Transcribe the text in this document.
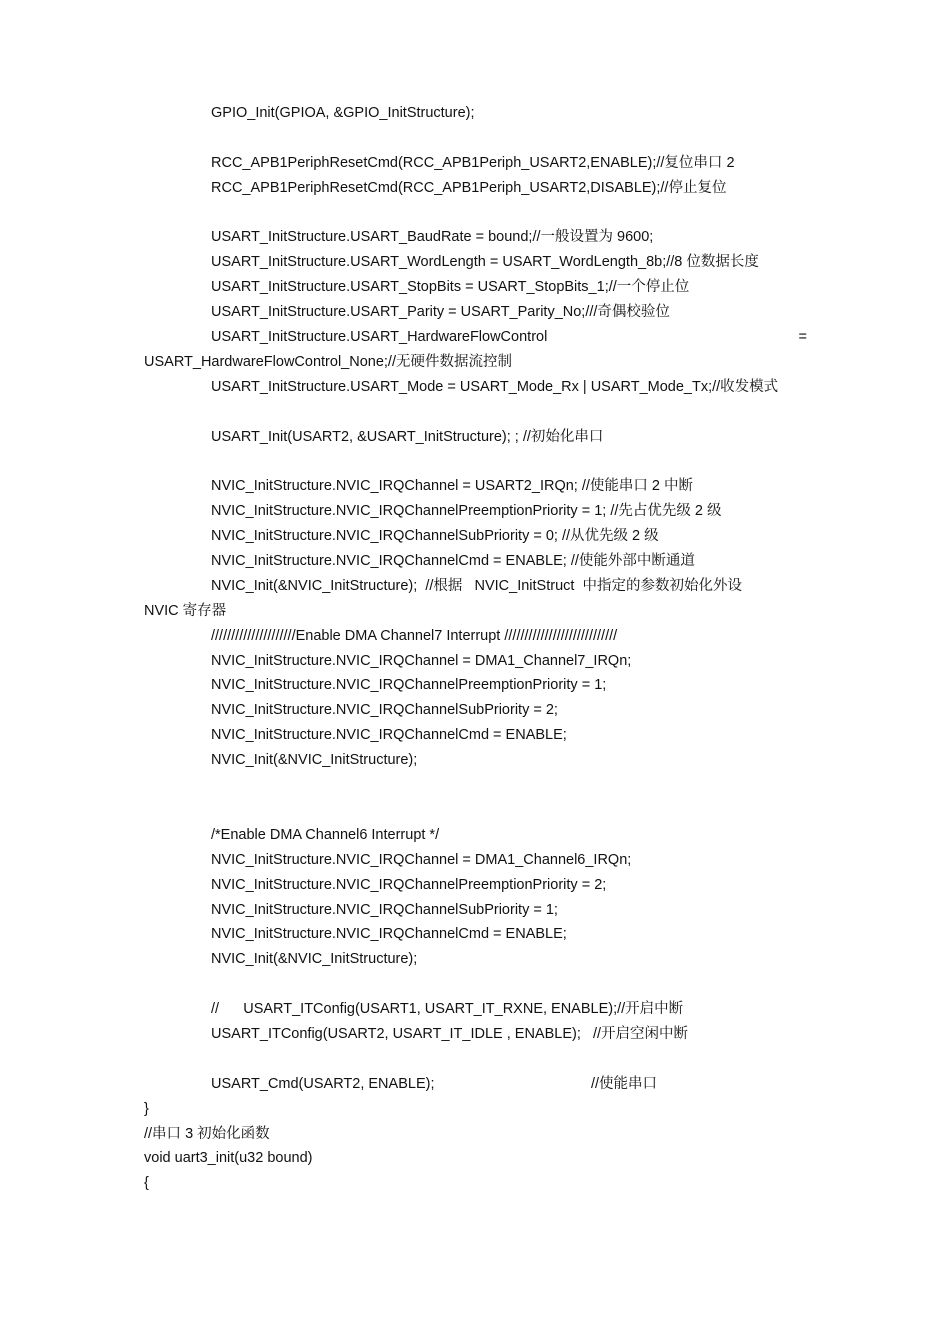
GPIO_Init(GPIOA, &GPIO_InitStructure);
RCC_APB1PeriphResetCmd(RCC_APB1Periph_USART2,ENABLE);//复位串口 2
RCC_APB1PeriphResetCmd(RCC_APB1Periph_USART2,DISABLE);//停止复位
USART_InitStructure.USART_BaudRate = bound;//一般设置为 9600;
USART_InitStructure.USART_WordLength = USART_WordLength_8b;//8 位数据长度
USART_InitStructure.USART_StopBits = USART_StopBits_1;//一个停止位
USART_InitStructure.USART_Parity = USART_Parity_No;///奇偶校验位
USART_InitStructure.USART_HardwareFlowControl	=
USART_HardwareFlowControl_None;//无硬件数据流控制
USART_InitStructure.USART_Mode = USART_Mode_Rx | USART_Mode_Tx;//收发模式
USART_Init(USART2, &USART_InitStructure); ; //初始化串口
NVIC_InitStructure.NVIC_IRQChannel = USART2_IRQn; //使能串口 2 中断
NVIC_InitStructure.NVIC_IRQChannelPreemptionPriority = 1; //先占优先级 2 级
NVIC_InitStructure.NVIC_IRQChannelSubPriority = 0; //从优先级 2 级
NVIC_InitStructure.NVIC_IRQChannelCmd = ENABLE; //使能外部中断通道
NVIC_Init(&NVIC_InitStructure);  //根据   NVIC_InitStruct  中指定的参数初始化外设
NVIC 寄存器
/////////////////////Enable DMA Channel7 Interrupt ////////////////////////////
NVIC_InitStructure.NVIC_IRQChannel = DMA1_Channel7_IRQn;
NVIC_InitStructure.NVIC_IRQChannelPreemptionPriority = 1;
NVIC_InitStructure.NVIC_IRQChannelSubPriority = 2;
NVIC_InitStructure.NVIC_IRQChannelCmd = ENABLE;
NVIC_Init(&NVIC_InitStructure);
/*Enable DMA Channel6 Interrupt */
NVIC_InitStructure.NVIC_IRQChannel = DMA1_Channel6_IRQn;
NVIC_InitStructure.NVIC_IRQChannelPreemptionPriority = 2;
NVIC_InitStructure.NVIC_IRQChannelSubPriority = 1;
NVIC_InitStructure.NVIC_IRQChannelCmd = ENABLE;
NVIC_Init(&NVIC_InitStructure);
//      USART_ITConfig(USART1, USART_IT_RXNE, ENABLE);//开启中断
USART_ITConfig(USART2, USART_IT_IDLE , ENABLE);   //开启空闲中断
USART_Cmd(USART2, ENABLE);	//使能串口
}
//串口 3 初始化函数
void uart3_init(u32 bound)
{
